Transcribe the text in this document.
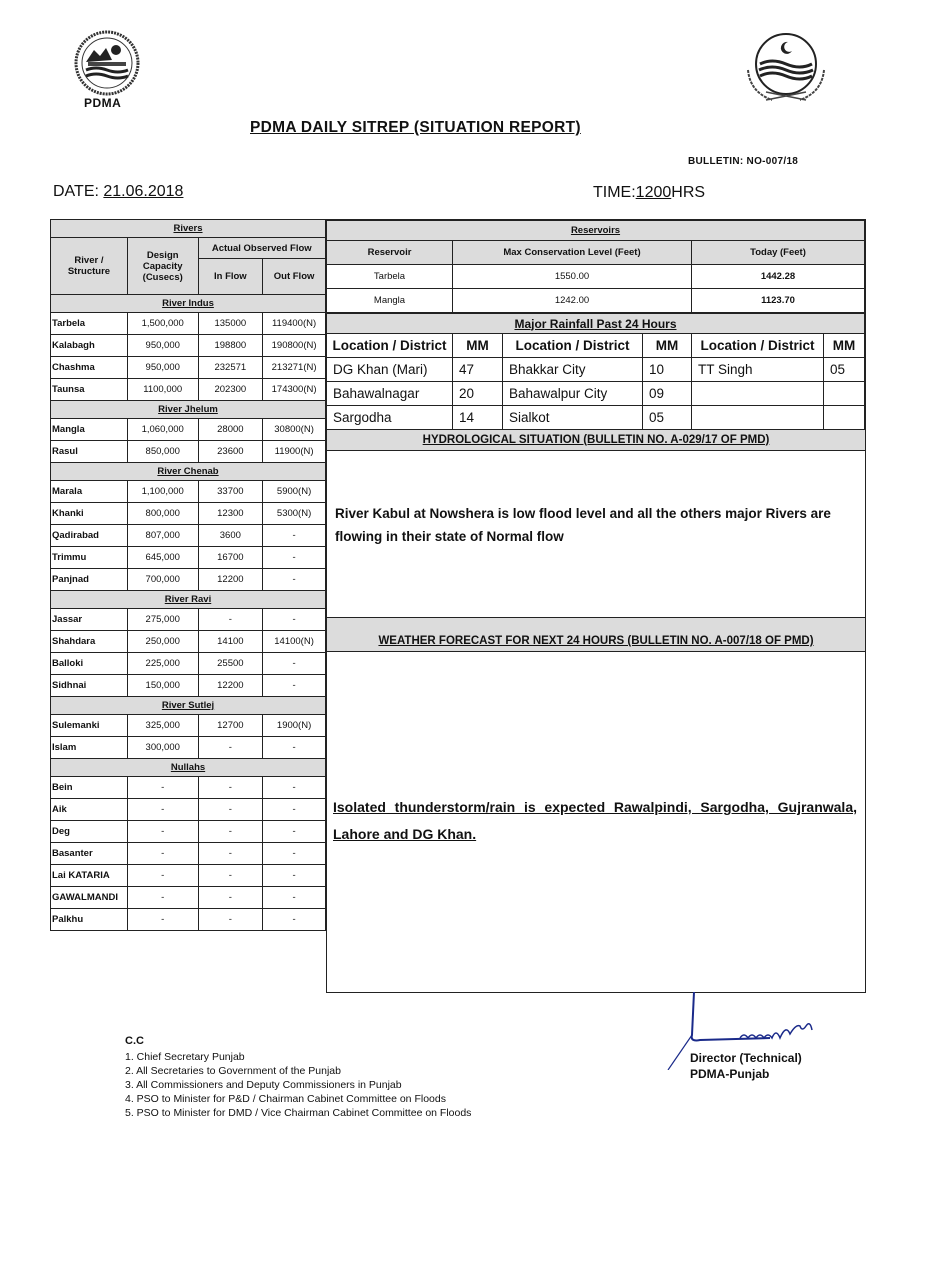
PDMA
PDMA DAILY SITREP (SITUATION REPORT)
BULLETIN: NO-007/18
DATE: 21.06.2018	TIME:1200HRS
Rivers			
River / Structure	Design Capacity (Cusecs)	Actual Observed Flow	
		In Flow	Out Flow
River Indus			
Tarbela	1,500,000	135000	119400(N)
Kalabagh	950,000	198800	190800(N)
Chashma	950,000	232571	213271(N)
Taunsa	1100,000	202300	174300(N)
River Jhelum			
Mangla	1,060,000	28000	30800(N)
Rasul	850,000	23600	11900(N)
River Chenab			
Marala	1,100,000	33700	5900(N)
Khanki	800,000	12300	5300(N)
Qadirabad	807,000	3600	-
Trimmu	645,000	16700	-
Panjnad	700,000	12200	-
River Ravi			
Jassar	275,000	-	-
Shahdara	250,000	14100	14100(N)
Balloki	225,000	25500	-
Sidhnai	150,000	12200	-
River Sutlej			
Sulemanki	325,000	12700	1900(N)
Islam	300,000	-	-
Nullahs			
Bein	-	-	-
Aik	-	-	-
Deg	-	-	-
Basanter	-	-	-
Lai KATARIA	-	-	-
GAWALMANDI	-	-	-
Palkhu	-	-	-
Reservoirs		
Reservoir	Max Conservation Level (Feet)	Today (Feet)
Tarbela	1550.00	1442.28
Mangla	1242.00	1123.70
Major Rainfall Past 24 Hours					
Location / District	MM	Location / District	MM	Location / District	MM
DG Khan (Mari)	47	Bhakkar City	10	TT Singh	05
Bahawalnagar	20	Bahawalpur City	09		
Sargodha	14	Sialkot	05		
HYDROLOGICAL SITUATION (BULLETIN NO. A-029/17 OF PMD)
River Kabul at Nowshera is low flood level and all the others major Rivers are flowing in their state of Normal flow
WEATHER FORECAST FOR NEXT 24 HOURS (BULLETIN NO. A-007/18 OF PMD)
Isolated thunderstorm/rain is expected Rawalpindi, Sargodha, Gujranwala, Lahore and DG Khan.
C.C
1. Chief Secretary Punjab
2. All Secretaries to Government of the Punjab
3. All Commissioners and Deputy Commissioners in Punjab
4. PSO to Minister for P&D / Chairman Cabinet Committee on Floods
5. PSO to Minister for DMD / Vice Chairman Cabinet Committee on Floods
Director (Technical)
PDMA-Punjab
